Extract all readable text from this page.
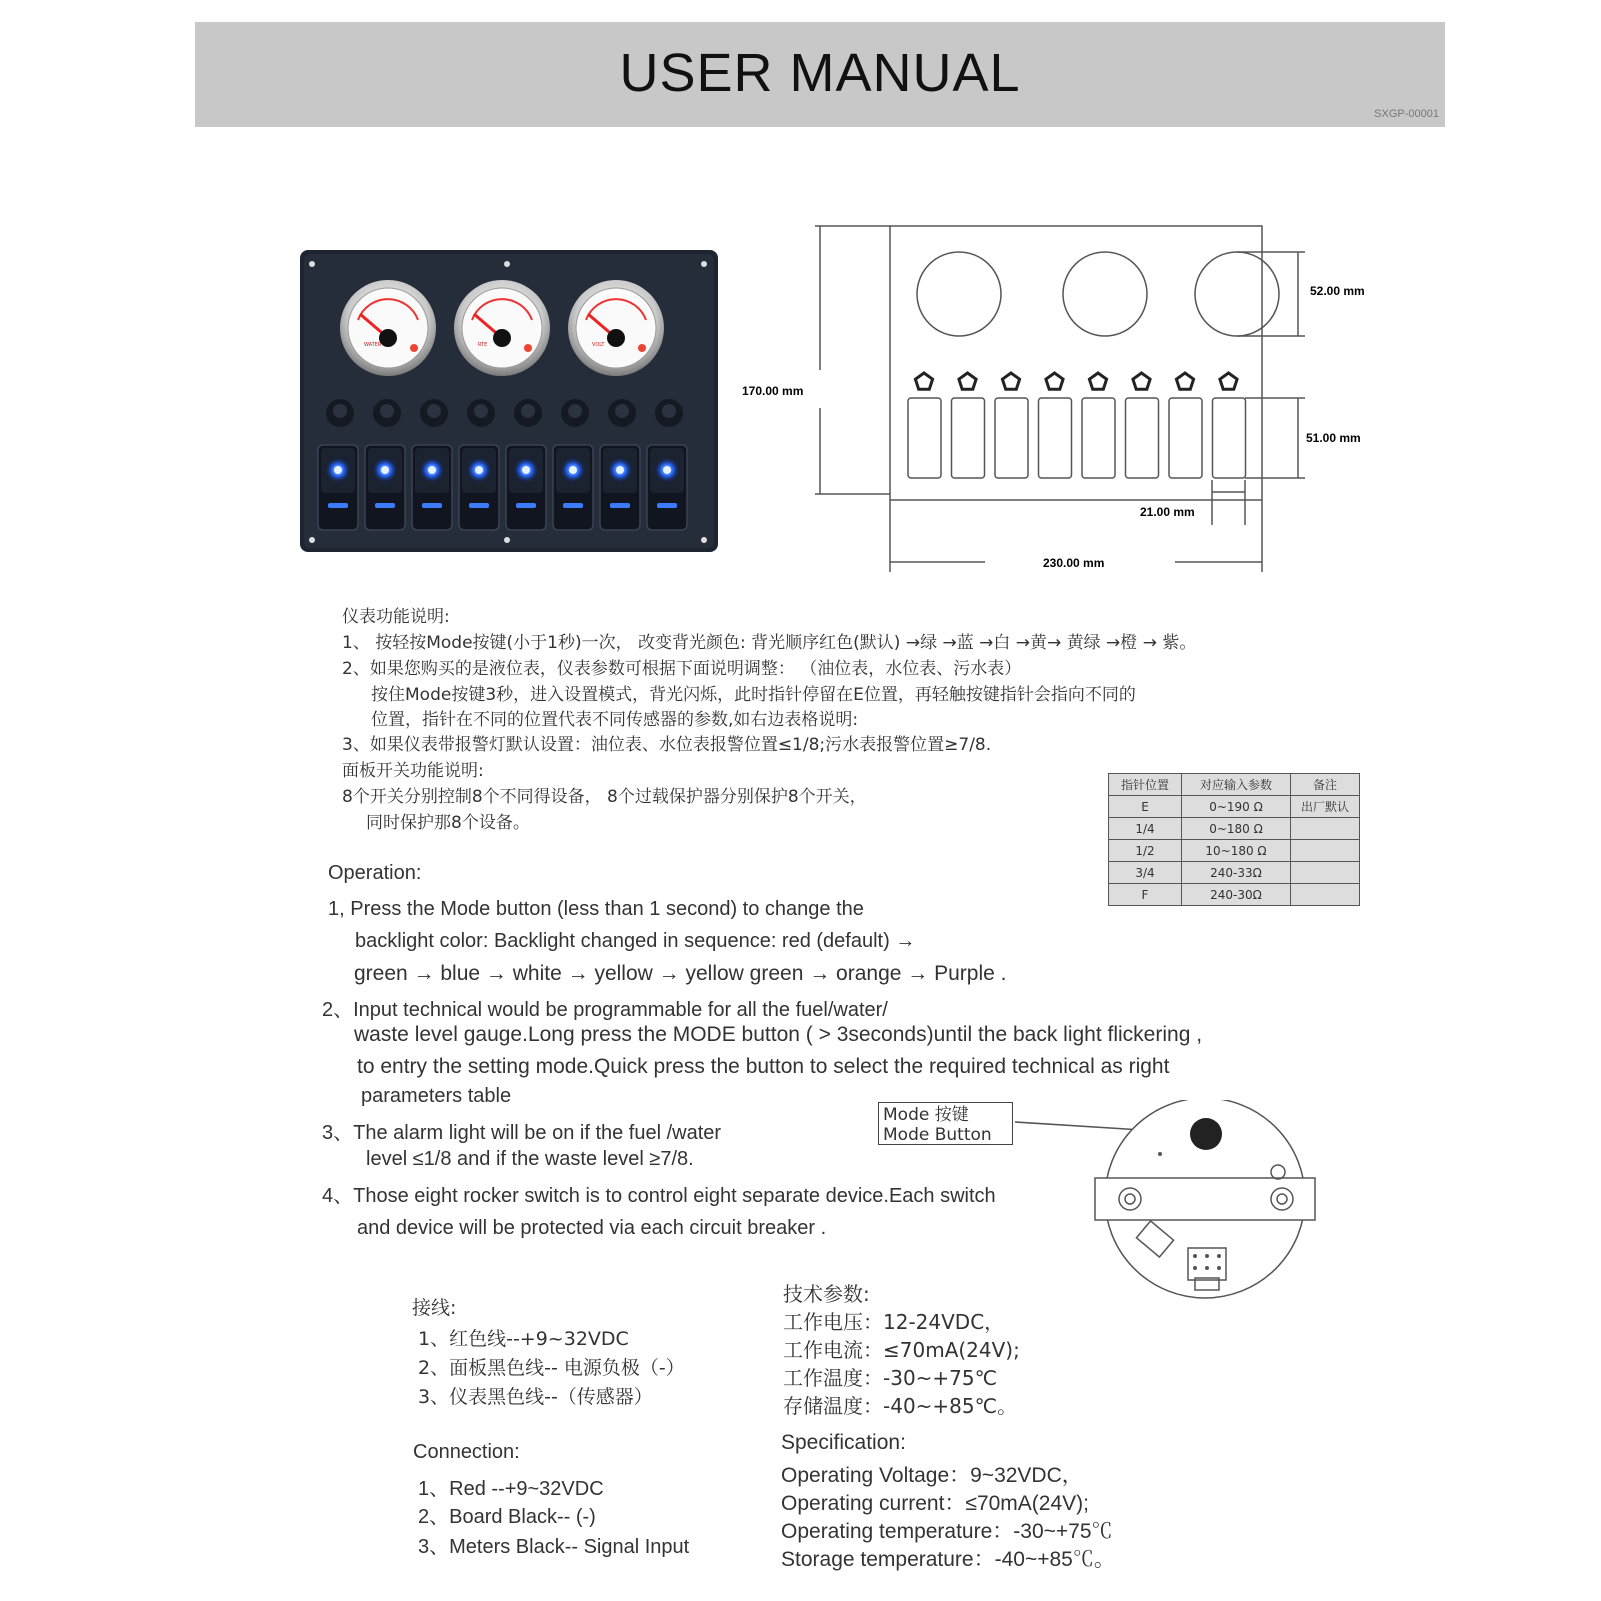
USER MANUAL
SXGP-00001
WATER	RTE	VOLT
170.00 mm
52.00 mm
51.00 mm
21.00 mm
230.00 mm
仪表功能说明:
1、 按轻按Mode按键(小于1秒)一次， 改变背光颜色: 背光顺序红色(默认) →绿 →蓝 →白 →黄→ 黄绿 →橙 → 紫。
2、如果您购买的是液位表，仪表参数可根据下面说明调整： （油位表，水位表、污水表）
按住Mode按键3秒，进入设置模式，背光闪烁，此时指针停留在E位置，再轻触按键指针会指向不同的
位置，指针在不同的位置代表不同传感器的参数,如右边表格说明:
3、如果仪表带报警灯默认设置：油位表、水位表报警位置≤1/8;污水表报警位置≥7/8.
面板开关功能说明:
8个开关分别控制8个不同得设备， 8个过载保护器分别保护8个开关，
同时保护那8个设备。
指针位置	对应输入参数	备注
E	0~190 Ω	出厂默认
1/4	0~180 Ω	
1/2	10~180 Ω	
3/4	240-33Ω	
F	240-30Ω	
Operation:
1, Press the Mode button (less than 1 second) to change the
backlight color: Backlight changed in sequence: red (default) →
green → blue → white → yellow → yellow green → orange → Purple .
2、Input technical would be programmable for all the fuel/water/
waste level gauge.Long press the MODE button ( > 3seconds)until the back light flickering ,
to entry the setting mode.Quick press the button to select the required technical as right
parameters table
3、The alarm light will be on if the fuel /water
level ≤1/8 and if the waste level ≥7/8.
4、Those eight rocker switch is to control eight separate device.Each switch
and device will be protected via each circuit breaker .
Mode 按键
Mode Button
接线:
1、红色线--+9~32VDC
2、面板黑色线-- 电源负极（-）
3、仪表黑色线--（传感器）
Connection:
1、Red --+9~32VDC
2、Board Black-- (-)
3、Meters Black-- Signal Input
技术参数:
工作电压：12-24VDC，
工作电流：≤70mA(24V);
工作温度：-30~+75℃
存储温度：-40~+85℃。
Specification:
Operating Voltage：9~32VDC，
Operating current：≤70mA(24V);
Operating temperature：-30~+75℃
Storage temperature：-40~+85℃。
